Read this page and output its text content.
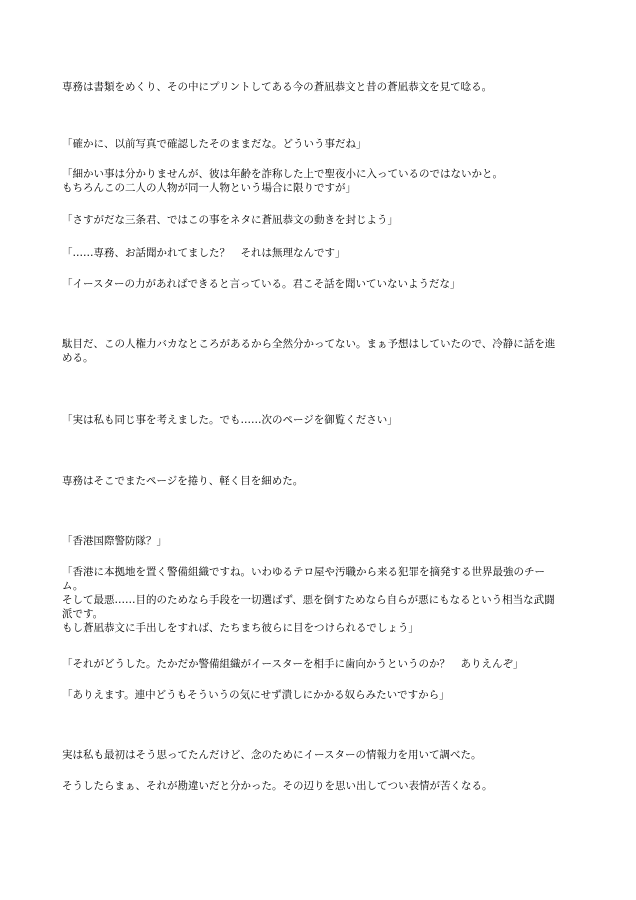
専務は書類をめくり、その中にプリントしてある今の蒼凪恭文と昔の蒼凪恭文を見て唸る。
「確かに、以前写真で確認したそのままだな。どういう事だね」
「細かい事は分かりませんが、彼は年齢を詐称した上で聖夜小に入っているのではないかと。
もちろんこの二人の人物が同一人物という場合に限りですが」
「さすがだな三条君、ではこの事をネタに蒼凪恭文の動きを封じよう」
「……専務、お話聞かれてました？　それは無理なんです」
「イースターの力があればできると言っている。君こそ話を聞いていないようだな」
駄目だ、この人権力バカなところがあるから全然分かってない。まぁ予想はしていたので、冷静に話を進
める。
「実は私も同じ事を考えました。でも……次のページを御覧ください」
専務はそこでまたページを捲り、軽く目を細めた。
「香港国際警防隊？」
「香港に本拠地を置く警備組織ですね。いわゆるテロ屋や汚職から来る犯罪を摘発する世界最強のチー
ム。
そして最悪……目的のためなら手段を一切選ばず、悪を倒すためなら自らが悪にもなるという相当な武闘
派です。
もし蒼凪恭文に手出しをすれば、たちまち彼らに目をつけられるでしょう」
「それがどうした。たかだか警備組織がイースターを相手に歯向かうというのか？　ありえんぞ」
「ありえます。連中どうもそういうの気にせず潰しにかかる奴らみたいですから」
実は私も最初はそう思ってたんだけど、念のためにイースターの情報力を用いて調べた。
そうしたらまぁ、それが勘違いだと分かった。その辺りを思い出してつい表情が苦くなる。
